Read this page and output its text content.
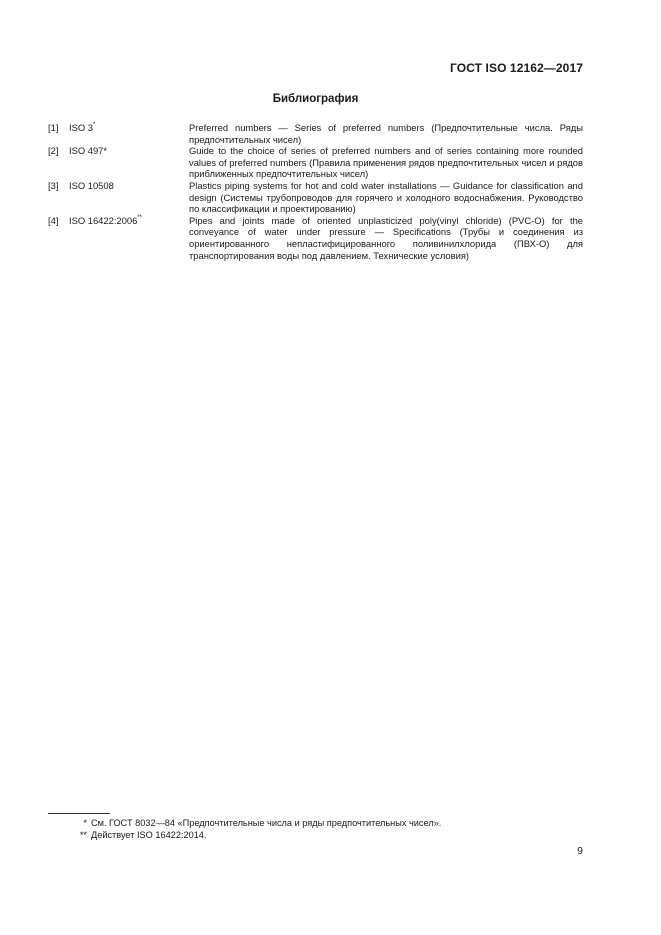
ГОСТ ISO 12162—2017
Библиография
[1]	ISO 3*	Preferred numbers — Series of preferred numbers (Предпочтительные числа. Ряды предпочтительных чисел)
[2]	ISO 497*	Guide to the choice of series of preferred numbers and of series containing more rounded values of preferred numbers (Правила применения рядов предпочтительных чисел и рядов приближенных предпочтительных чисел)
[3]	ISO 10508	Plastics piping systems for hot and cold water installations — Guidance for classification and design (Системы трубопроводов для горячего и холодного водоснабжения. Руководство по классификации и проектированию)
[4]	ISO 16422:2006**	Pipes and joints made of oriented unplasticized poly(vinyl chloride) (PVC-O) for the conveyance of water under pressure — Specifications (Трубы и соединения из ориентированного непластифицированного поливинилхлорида (ПВХ-О) для транспортирования воды под давлением. Технические условия)
* См. ГОСТ 8032—84 «Предпочтительные числа и ряды предпочтительных чисел».
** Действует ISO 16422:2014.
9
